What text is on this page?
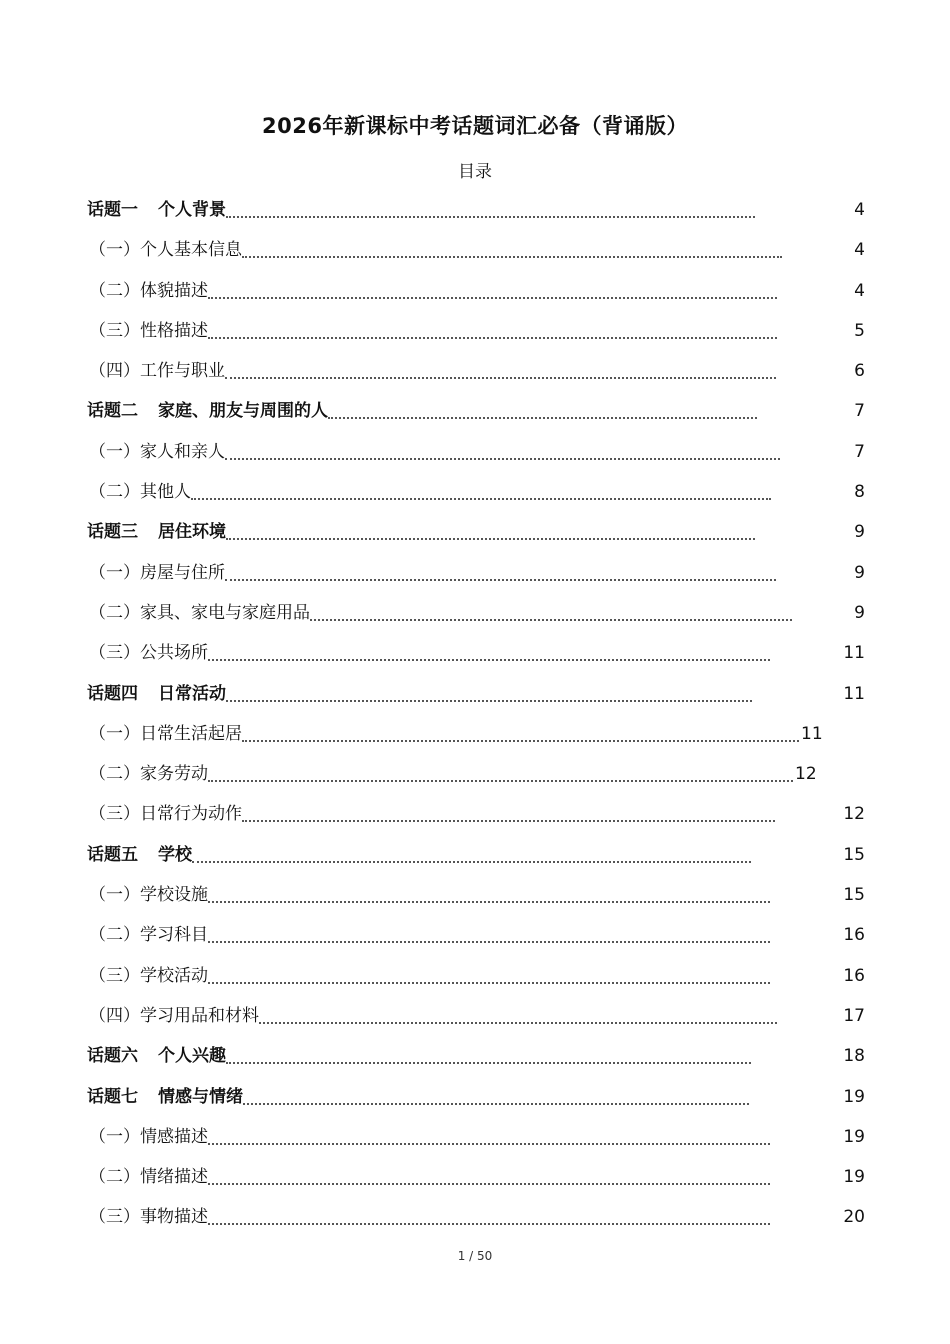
2026年新课标中考话题词汇必备（背诵版）
目录
话题一 个人背景	4
（一）个人基本信息	4
（二）体貌描述	4
（三）性格描述	5
（四）工作与职业	6
话题二 家庭、朋友与周围的人	7
（一）家人和亲人	7
（二）其他人	8
话题三 居住环境	9
（一）房屋与住所	9
（二）家具、家电与家庭用品	9
（三）公共场所	11
话题四 日常活动	11
（一）日常生活起居	11
（二）家务劳动	12
（三）日常行为动作	12
话题五 学校	15
（一）学校设施	15
（二）学习科目	16
（三）学校活动	16
（四）学习用品和材料	17
话题六 个人兴趣	18
话题七 情感与情绪	19
（一）情感描述	19
（二）情绪描述	19
（三）事物描述	20
1 / 50
